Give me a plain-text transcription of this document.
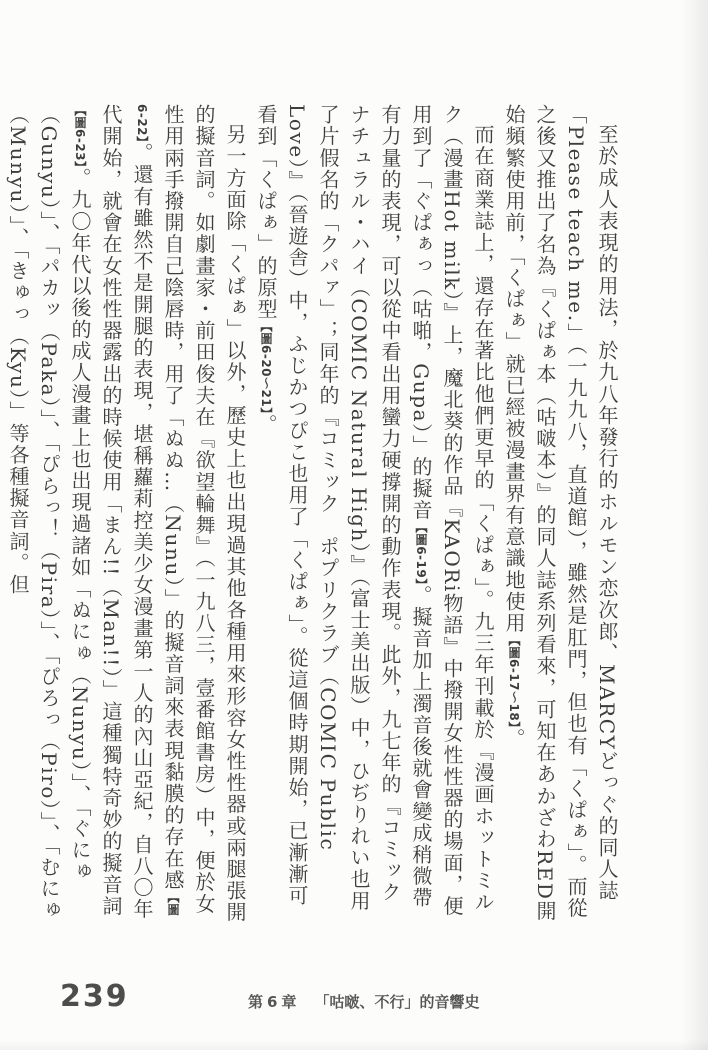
至於成人表現的用法，於九八年發行的ホルモン恋次郎、MARCYどっぐ的同人誌「Please teach me.」（一九九八，直道館），雖然是肛門，但也有「くぱぁ」。而從之後又推出了名為『くぱぁ本（咕啵本）』的同人誌系列看來，可知在あかざわRED開始頻繁使用前，「くぱぁ」就已經被漫畫界有意識地使用【圖6-17～18】。

而在商業誌上，還存在著比他們更早的「くぱぁ」。九三年刊載於『漫画ホットミルク（漫畫Hot milk）』上，魔北葵的作品『KAORi物語』中撥開女性性器的場面，便用到了「ぐぱぁっ（咕啪，Gupa）」的擬音【圖6-19】。擬音加上濁音後就會變成稍微帶有力量的表現，可以從中看出用蠻力硬撐開的動作表現。此外，九七年的『コミック　ナチュラル・ハイ（COMIC Natural High）』（富士美出版）中，ひぢりれい也用了片假名的「クパァ」；同年的『コミック　ポプリクラブ（COMIC Public Love）』（晉遊舎）中，ふじかつぴこ也用了「くぱぁ」。從這個時期開始，已漸漸可看到「くぱぁ」的原型【圖6-20～21】。

另一方面除「くぱぁ」以外，歷史上也出現過其他各種用來形容女性性器或兩腿張開的擬音詞。如劇畫家・前田俊夫在『欲望輪舞』（一九八三，壹番館書房）中，便於女性用兩手撥開自己陰唇時，用了「ぬぬ…（Nunu）」的擬音詞來表現黏膜的存在感【圖6-22】。還有雖然不是開腿的表現，堪稱蘿莉控美少女漫畫第一人的內山亞紀，自八〇年代開始，就會在女性性器露出的時候使用「まん!!（Man!!）」這種獨特奇妙的擬音詞【圖6-23】。九〇年代以後的成人漫畫上也出現過諸如「ぬにゅ（Nunyu）」、「ぐにゅ（Gunyu）」、「パカッ（Paka）」、「ぴらっ！（Pira）」、「ぴろっ（Piro）」、「むにゅ（Munyu）」、「きゅっ（Kyu）」等各種擬音詞。但

239	第6章 「咕啵、不行」的音響史
